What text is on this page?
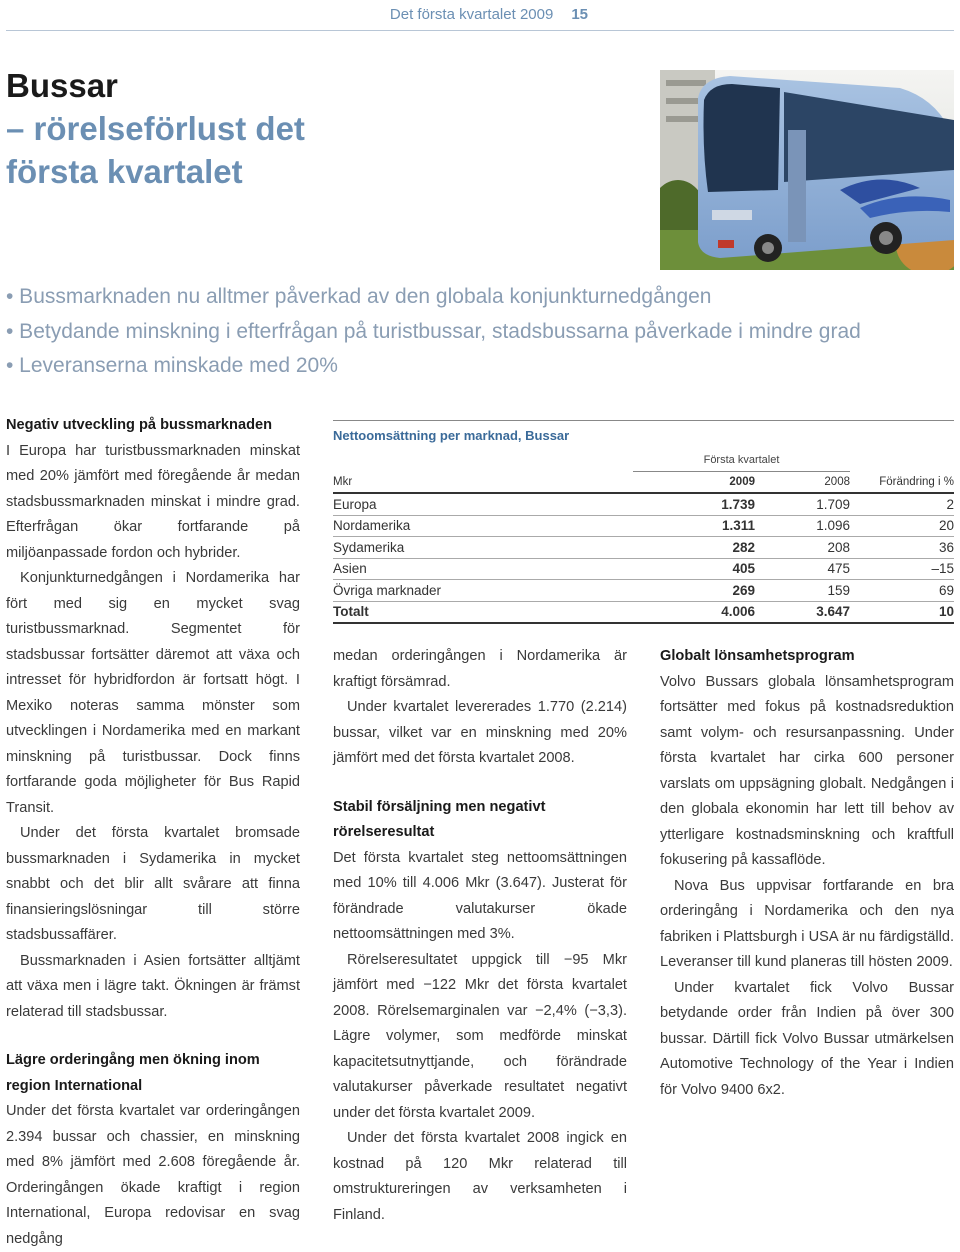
Det första kvartalet 2009 15
Bussar
– rörelseförlust det
första kvartalet
• Bussmarknaden nu alltmer påverkad av den globala konjunkturnedgången
• Betydande minskning i efterfrågan på turistbussar, stadsbussarna påverkade i mindre grad
• Leveranserna minskade med 20%
Negativ utveckling på bussmarknaden

I Europa har turistbussmarknaden minskat med 20% jämfört med föregående år medan stadsbussmarknaden minskat i mindre grad. Efterfrågan ökar fortfarande på miljöanpassade fordon och hybrider.

Konjunkturnedgången i Nordamerika har fört med sig en mycket svag turistbussmarknad. Segmentet för stadsbussar fortsätter däremot att växa och intresset för hybridfordon är fortsatt högt. I Mexiko noteras samma mönster som utvecklingen i Nordamerika med en markant minskning på turistbussar. Dock finns fortfarande goda möjligheter för Bus Rapid Transit.

Under det första kvartalet bromsade bussmarknaden i Sydamerika in mycket snabbt och det blir allt svårare att finna finansieringslösningar till större stadsbussaffärer.

Bussmarknaden i Asien fortsätter alltjämt att växa men i lägre takt. Ökningen är främst relaterad till stadsbussar.

Lägre orderingång men ökning inom region International

Under det första kvartalet var orderingången 2.394 bussar och chassier, en minskning med 8% jämfört med 2.608 föregående år. Orderingången ökade kraftigt i region International, Europa redovisar en svag nedgång

Nettoomsättning per marknad, Bussar
	Första kvartalet		
Mkr	2009	2008	Förändring i %
Europa	1.739	1.709	2
Nordamerika	1.311	1.096	20
Sydamerika	282	208	36
Asien	405	475	–15
Övriga marknader	269	159	69
Totalt	4.006	3.647	10

medan orderingången i Nordamerika är kraftigt försämrad.

Under kvartalet levererades 1.770 (2.214) bussar, vilket var en minskning med 20% jämfört med det första kvartalet 2008.

Stabil försäljning men negativt rörelseresultat

Det första kvartalet steg nettoomsättningen med 10% till 4.006 Mkr (3.647). Justerat för förändrade valutakurser ökade nettoomsättningen med 3%.

Rörelseresultatet uppgick till −95 Mkr jämfört med −122 Mkr det första kvartalet 2008. Rörelsemarginalen var −2,4% (−3,3). Lägre volymer, som medförde minskat kapacitetsutnyttjande, och förändrade valutakurser påverkade resultatet negativt under det första kvartalet 2009.

Under det första kvartalet 2008 ingick en kostnad på 120 Mkr relaterad till omstruktureringen av verksamheten i Finland.

Globalt lönsamhetsprogram

Volvo Bussars globala lönsamhetsprogram fortsätter med fokus på kostnadsreduktion samt volym- och resursanpassning. Under första kvartalet har cirka 600 personer varslats om uppsägning globalt. Nedgången i den globala ekonomin har lett till behov av ytterligare kostnadsminskning och kraftfull fokusering på kassaflöde.

Nova Bus uppvisar fortfarande en bra orderingång i Nordamerika och den nya fabriken i Plattsburgh i USA är nu färdigställd. Leveranser till kund planeras till hösten 2009.

Under kvartalet fick Volvo Bussar betydande order från Indien på över 300 bussar. Därtill fick Volvo Bussar utmärkelsen Automotive Technology of the Year i Indien för Volvo 9400 6x2.
